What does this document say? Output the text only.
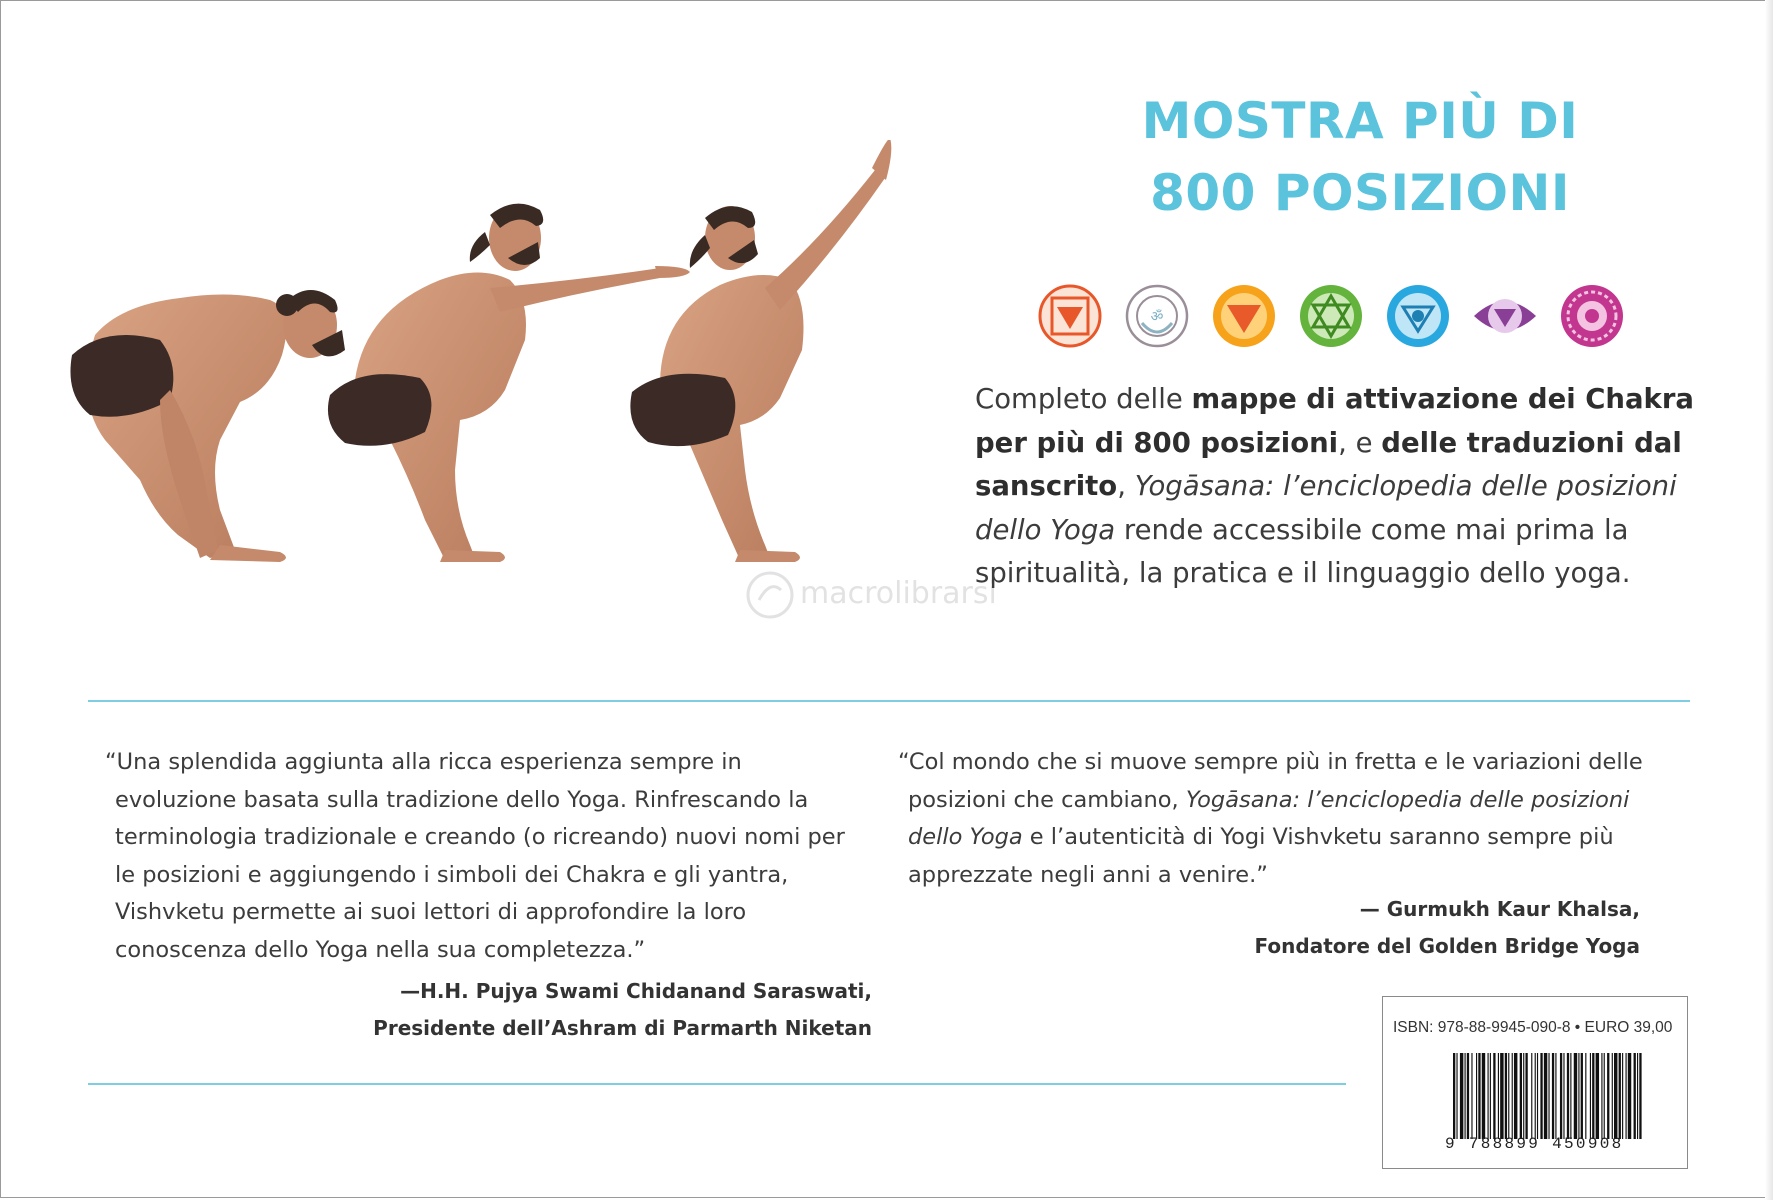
macrolibrarsi
MOSTRA PIÙ DI
800 POSIZIONI
ॐ

Completo delle mappe di attivazione dei Chakra per più di 800 posizioni, e delle traduzioni dal sanscrito, Yogāsana: l’enciclopedia delle posizioni dello Yoga rende accessibile come mai prima la spiritualità, la pratica e il linguaggio dello yoga.

“Una splendida aggiunta alla ricca esperienza sempre in evoluzione basata sulla tradizione dello Yoga. Rinfrescando la terminologia tradizionale e creando (o ricreando) nuovi nomi per le posizioni e aggiungendo i simboli dei Chakra e gli yantra, Vishvketu permette ai suoi lettori di approfondire la loro conoscenza dello Yoga nella sua completezza.”

—H.H. Pujya Swami Chidanand Saraswati,
Presidente dell’Ashram di Parmarth Niketan

“Col mondo che si muove sempre più in fretta e le variazioni delle posizioni che cambiano, Yogāsana: l’enciclopedia delle posizioni dello Yoga e l’autenticità di Yogi Vishvketu saranno sempre più apprezzate negli anni a venire.”

— Gurmukh Kaur Khalsa,
Fondatore del Golden Bridge Yoga
ISBN: 978-88-9945-090-8 • EURO 39,00
9 788899 450908
